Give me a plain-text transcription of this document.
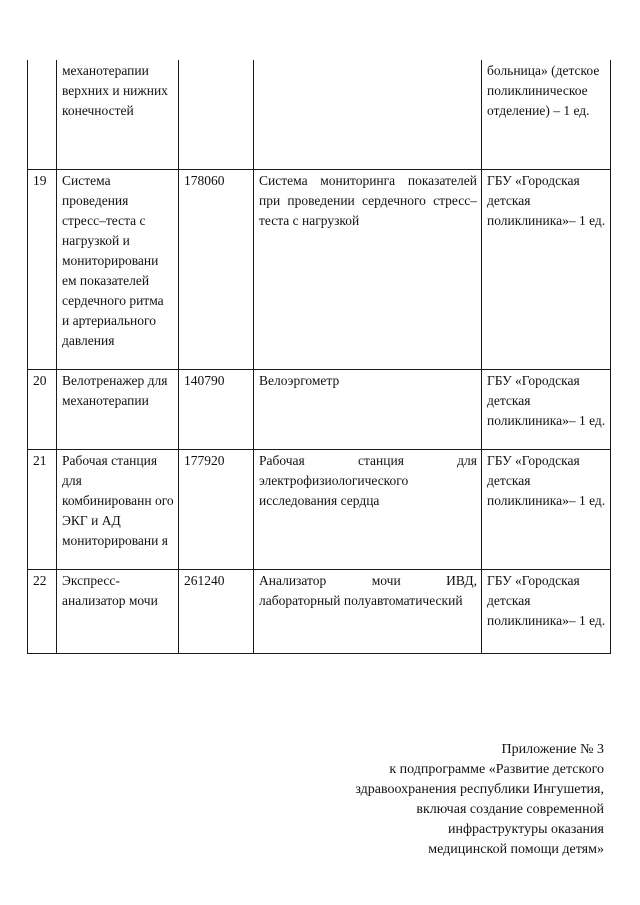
	механотерапии верхних и нижних конечностей			больница» (детское поликлиническое отделение) – 1 ед.

19	Система проведения стресс–теста с нагрузкой и мониторировани ем показателей сердечного ритма и артериального давления	178060	Система мониторинга показателей при проведении сердечного стресс–теста с нагрузкой	ГБУ «Городская детская поликлиника»– 1 ед.

20	Велотренажер для механотерапии	140790	Велоэргометр	ГБУ «Городская детская поликлиника»– 1 ед.

21	Рабочая станция для комбинированн ого ЭКГ и АД мониторировани я	177920	Рабочая станция для электрофизиологического исследования сердца	ГБУ «Городская детская поликлиника»– 1 ед.

22	Экспресс-анализатор мочи	261240	Анализатор мочи ИВД, лабораторный полуавтоматический	ГБУ «Городская детская поликлиника»– 1 ед.
Приложение № 3
к подпрограмме «Развитие детского
здравоохранения республики Ингушетия,
включая создание современной
инфраструктуры оказания
медицинской помощи детям»
